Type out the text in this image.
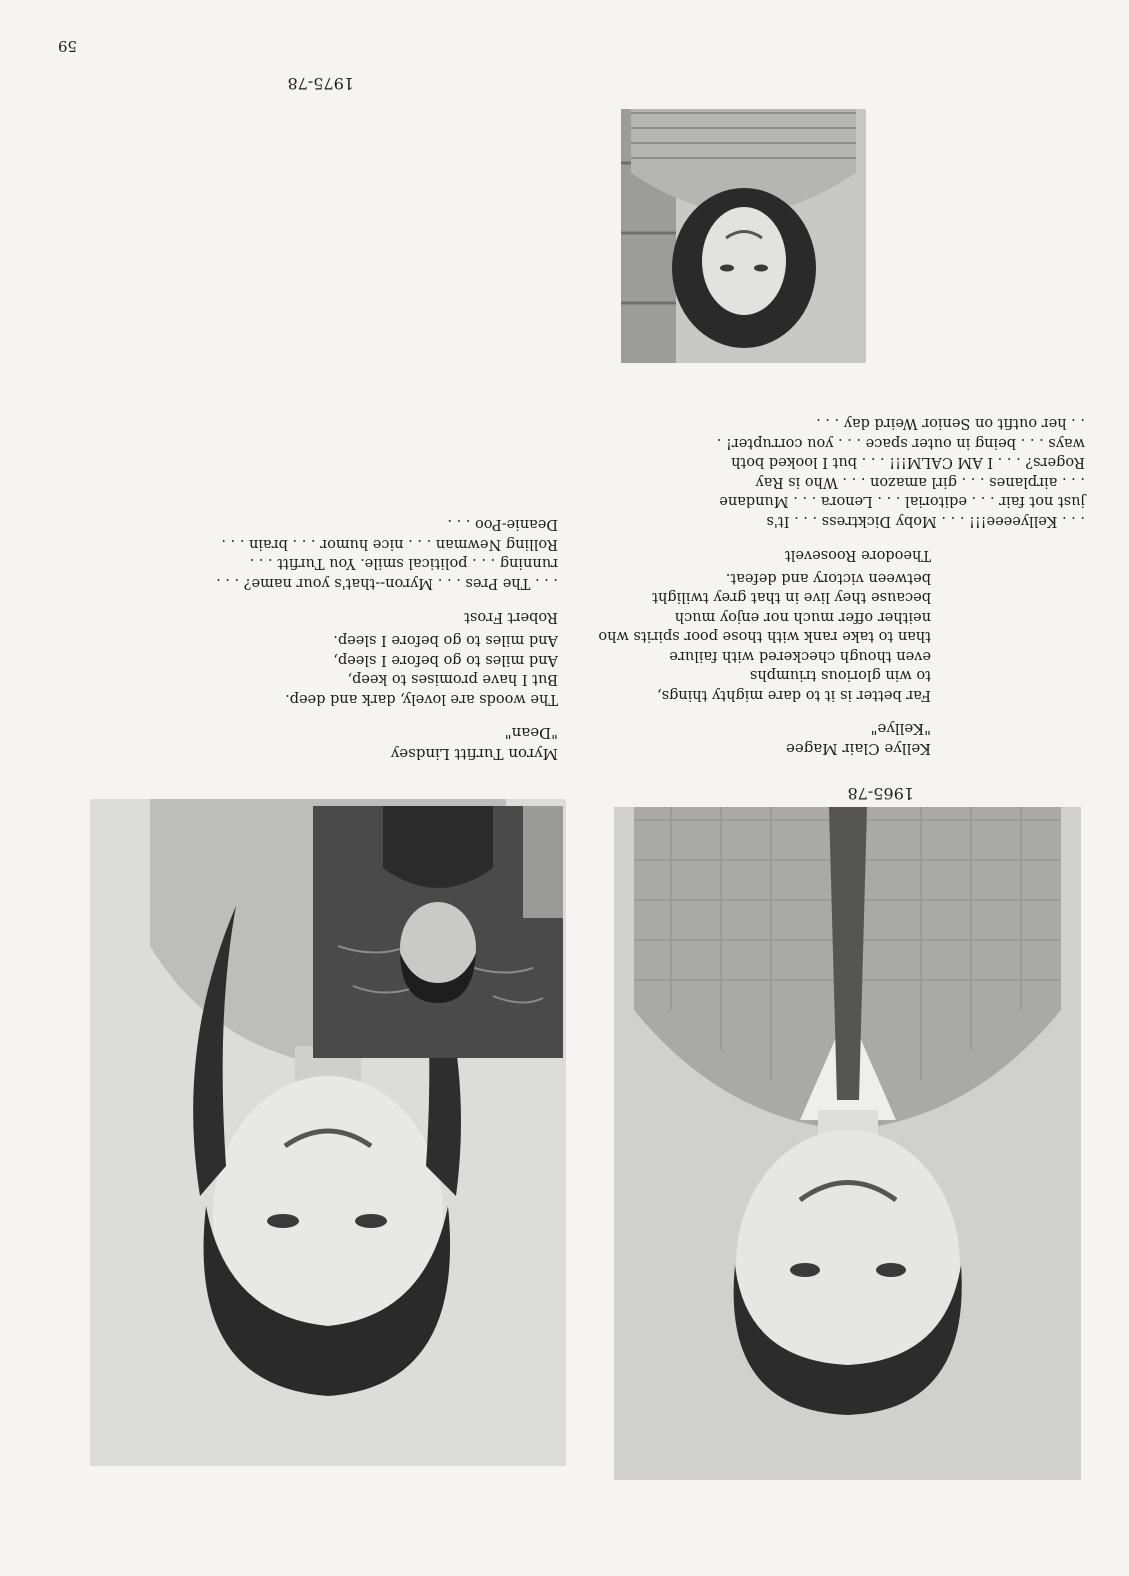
59
1975-78
Myron Turfitt Lindsey
"Dean"
The woods are lovely, dark and deep.
But I have promises to keep,
And miles to go before I sleep,
And miles to go before I sleep.
Robert Frost
. . . The Pres . . . Myron--that's your name? . . .
running . . . political smile. You Turfitt . . .
Rolling Newman . . . nice humor . . . brain . . .
Deanie-Poo . . .
1965-78
Kellye Clair Magee
"Kellye"
Far better is it to dare mighty things,
to win glorious triumphs
even though checkered with failure
than to take rank with those poor spirits who
neither offer much nor enjoy much
because they live in that grey twilight
between victory and defeat.
Theodore Roosevelt
. . . Kellyeeee!!! . . . Moby Dicktress . . . It's
just not fair . . . editorial . . . Lenora . . . Mundane
. . . airplanes . . . girl amazon . . . Who is Ray
Rogers? . . . I AM CALM!!! . . . but I looked both
ways . . . being in outer space . . . you corrupter! .
. . her outfit on Senior Weird day . . .
